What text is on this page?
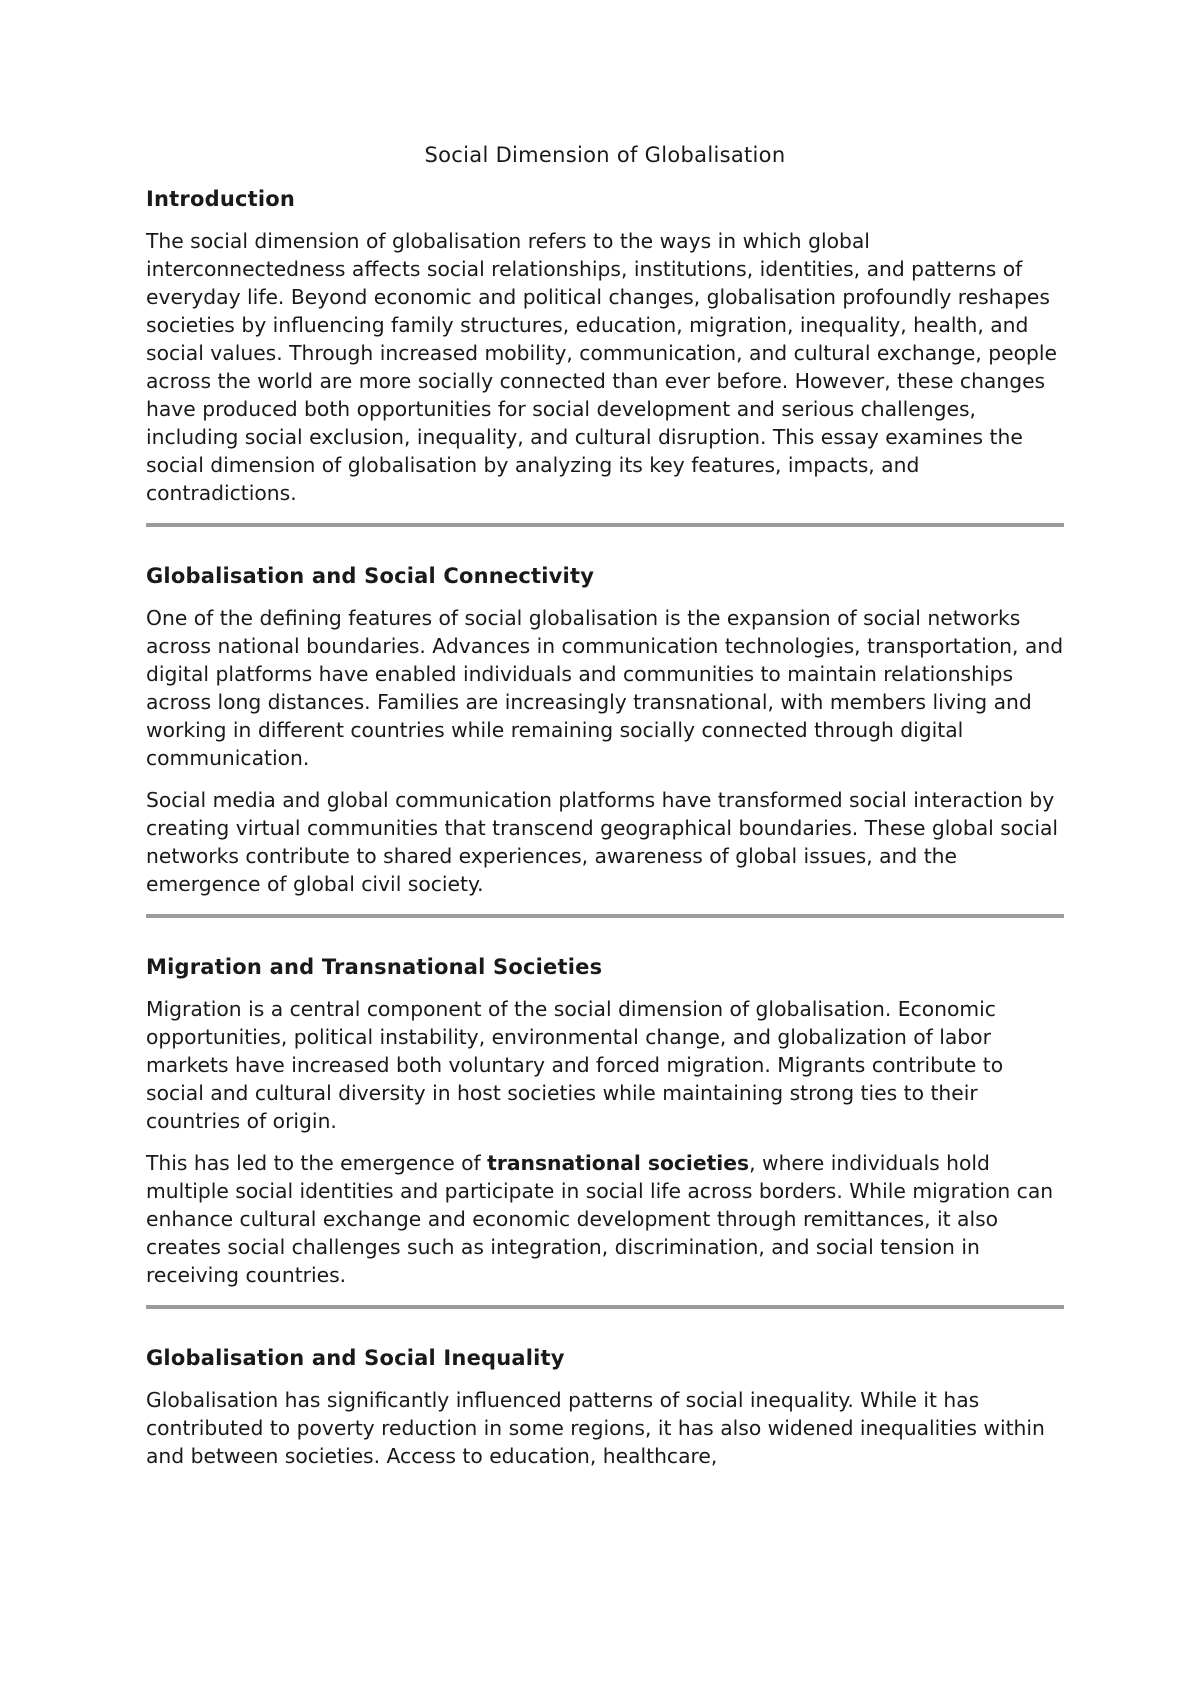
Social Dimension of Globalisation
Introduction

The social dimension of globalisation refers to the ways in which global interconnectedness affects social relationships, institutions, identities, and patterns of everyday life. Beyond economic and political changes, globalisation profoundly reshapes societies by influencing family structures, education, migration, inequality, health, and social values. Through increased mobility, communication, and cultural exchange, people across the world are more socially connected than ever before. However, these changes have produced both opportunities for social development and serious challenges, including social exclusion, inequality, and cultural disruption. This essay examines the social dimension of globalisation by analyzing its key features, impacts, and contradictions.

Globalisation and Social Connectivity

One of the defining features of social globalisation is the expansion of social networks across national boundaries. Advances in communication technologies, transportation, and digital platforms have enabled individuals and communities to maintain relationships across long distances. Families are increasingly transnational, with members living and working in different countries while remaining socially connected through digital communication.

Social media and global communication platforms have transformed social interaction by creating virtual communities that transcend geographical boundaries. These global social networks contribute to shared experiences, awareness of global issues, and the emergence of global civil society.

Migration and Transnational Societies

Migration is a central component of the social dimension of globalisation. Economic opportunities, political instability, environmental change, and globalization of labor markets have increased both voluntary and forced migration. Migrants contribute to social and cultural diversity in host societies while maintaining strong ties to their countries of origin.

This has led to the emergence of transnational societies, where individuals hold multiple social identities and participate in social life across borders. While migration can enhance cultural exchange and economic development through remittances, it also creates social challenges such as integration, discrimination, and social tension in receiving countries.

Globalisation and Social Inequality

Globalisation has significantly influenced patterns of social inequality. While it has contributed to poverty reduction in some regions, it has also widened inequalities within and between societies. Access to education, healthcare,
